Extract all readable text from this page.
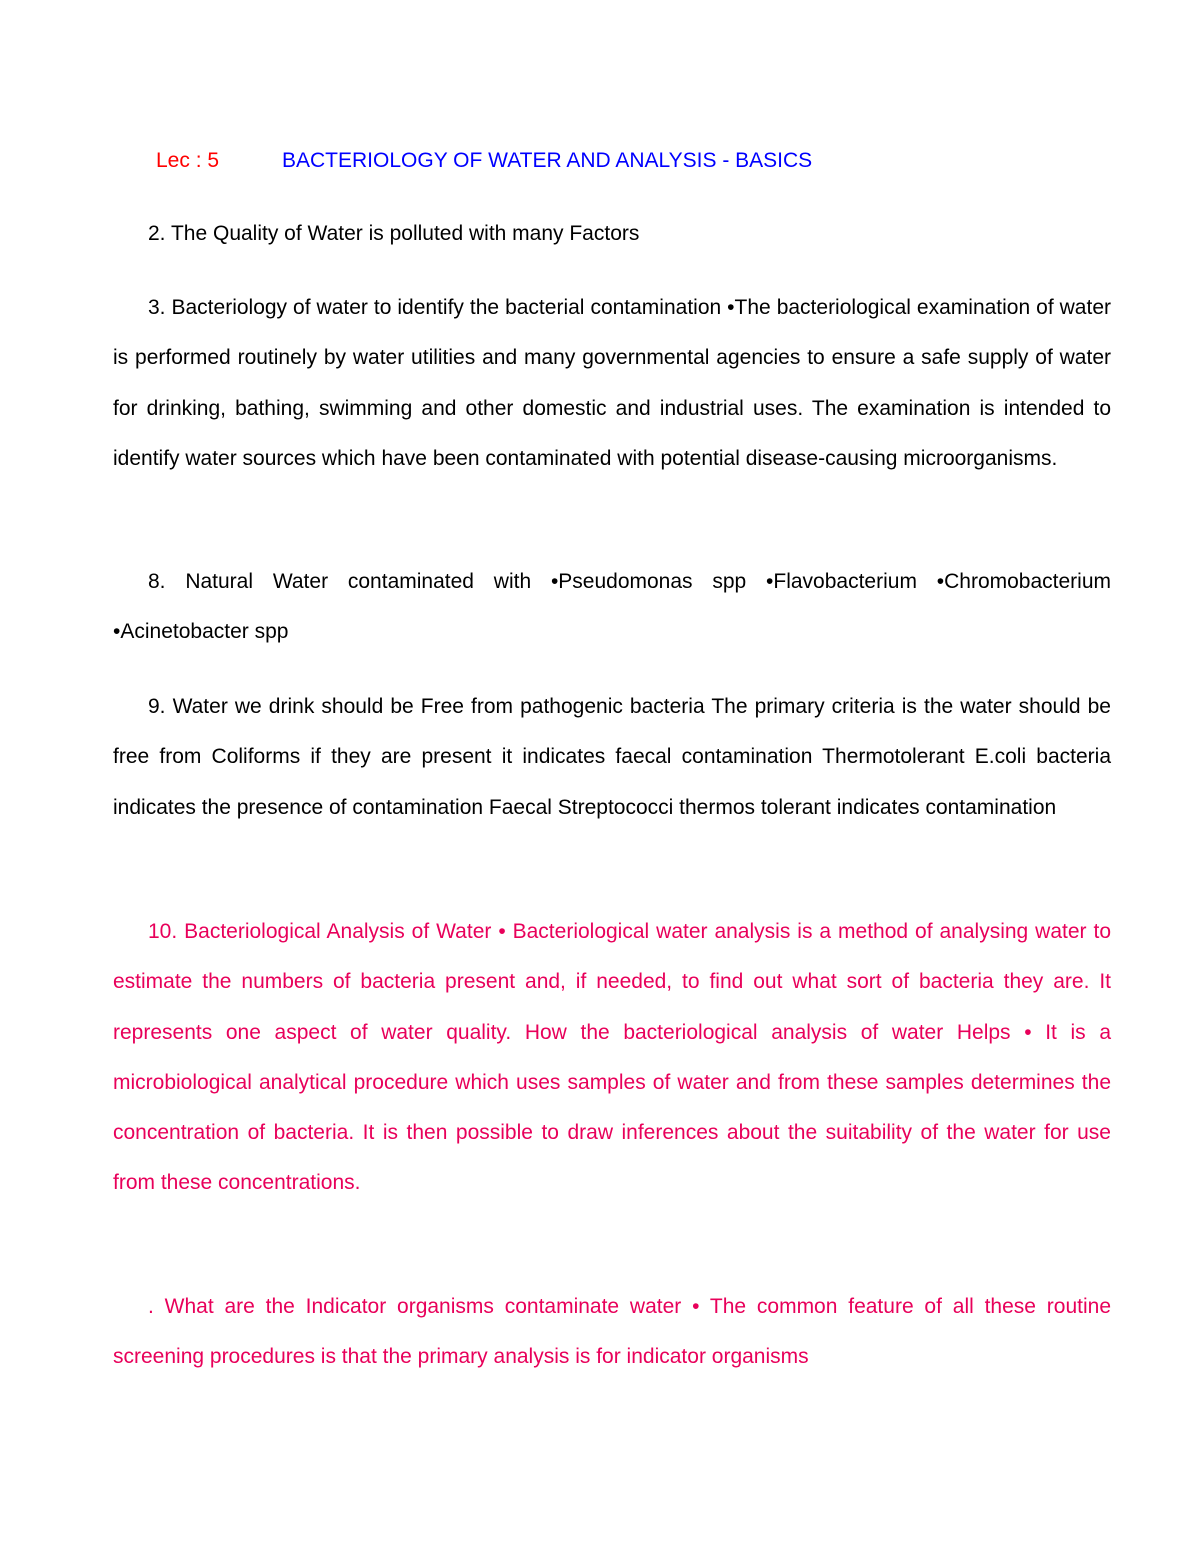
Lec : 5	BACTERIOLOGY OF WATER AND ANALYSIS - BASICS

2. The Quality of Water is polluted with many Factors

3. Bacteriology of water to identify the bacterial contamination •The bacteriological examination of water is performed routinely by water utilities and many governmental agencies to ensure a safe supply of water for drinking, bathing, swimming and other domestic and industrial uses. The examination is intended to identify water sources which have been contaminated with potential disease-causing microorganisms.

8. Natural Water contaminated with •Pseudomonas spp •Flavobacterium •Chromobacterium •Acinetobacter spp

9. Water we drink should be Free from pathogenic bacteria The primary criteria is the water should be free from Coliforms if they are present it indicates faecal contamination Thermotolerant E.coli bacteria indicates the presence of contamination Faecal Streptococci thermos tolerant indicates contamination

10. Bacteriological Analysis of Water • Bacteriological water analysis is a method of analysing water to estimate the numbers of bacteria present and, if needed, to find out what sort of bacteria they are. It represents one aspect of water quality. How the bacteriological analysis of water Helps • It is a microbiological analytical procedure which uses samples of water and from these samples determines the concentration of bacteria. It is then possible to draw inferences about the suitability of the water for use from these concentrations.

. What are the Indicator organisms contaminate water • The common feature of all these routine screening procedures is that the primary analysis is for indicator organisms
